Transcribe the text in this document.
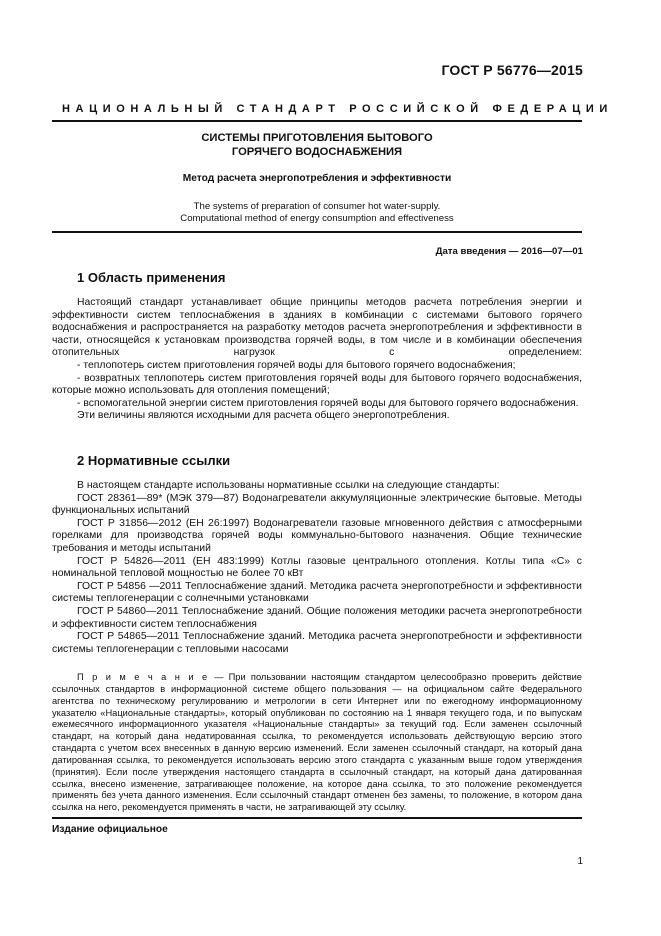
ГОСТ Р 56776—2015
НАЦИОНАЛЬНЫЙ СТАНДАРТ РОССИЙСКОЙ ФЕДЕРАЦИИ
СИСТЕМЫ ПРИГОТОВЛЕНИЯ БЫТОВОГО
ГОРЯЧЕГО ВОДОСНАБЖЕНИЯ
Метод расчета энергопотребления и эффективности
The systems of preparation of consumer hot water-supply.
Computational method of energy consumption and effectiveness
Дата введения — 2016—07—01
1 Область применения

Настоящий стандарт устанавливает общие принципы методов расчета потребления энергии и эффективности систем теплоснабжения в зданиях в комбинации с системами бытового горячего водоснабжения и распространяется на разработку методов расчета энергопотребления и эффективности в части, относящейся к установкам производства горячей воды, в том числе и в комбинации обеспечения отопительных нагрузок с определением:

- теплопотерь систем приготовления горячей воды для бытового горячего водоснабжения;

- возвратных теплопотерь систем приготовления горячей воды для бытового горячего водоснабжения, которые можно использовать для отопления помещений;

- вспомогательной энергии систем приготовления горячей воды для бытового горячего водоснабжения.

Эти величины являются исходными для расчета общего энергопотребления.

2 Нормативные ссылки

В настоящем стандарте использованы нормативные ссылки на следующие стандарты:

ГОСТ 28361—89* (МЭК 379—87) Водонагреватели аккумуляционные электрические бытовые. Методы функциональных испытаний

ГОСТ Р 31856—2012 (ЕН 26:1997) Водонагреватели газовые мгновенного действия с атмосферными горелками для производства горячей воды коммунально-бытового назначения. Общие технические требования и методы испытаний

ГОСТ Р 54826—2011 (ЕН 483:1999) Котлы газовые центрального отопления. Котлы типа «С» с номинальной тепловой мощностью не более 70 кВт

ГОСТ Р 54856 —2011 Теплоснабжение зданий. Методика расчета энергопотребности и эффективности системы теплогенерации с солнечными установками

ГОСТ Р 54860—2011 Теплоснабжение зданий. Общие положения методики расчета энергопотребности и эффективности систем теплоснабжения

ГОСТ Р 54865—2011 Теплоснабжение зданий. Методика расчета энергопотребности и эффективности системы теплогенерации с тепловыми насосами

П р и м е ч а н и е — При пользовании настоящим стандартом целесообразно проверить действие ссылочных стандартов в информационной системе общего пользования — на официальном сайте Федерального агентства по техническому регулированию и метрологии в сети Интернет или по ежегодному информационному указателю «Национальные стандарты», который опубликован по состоянию на 1 января текущего года, и по выпускам ежемесячного информационного указателя «Национальные стандарты» за текущий год. Если заменен ссылочный стандарт, на который дана недатированная ссылка, то рекомендуется использовать действующую версию этого стандарта с учетом всех внесенных в данную версию изменений. Если заменен ссылочный стандарт, на который дана датированная ссылка, то рекомендуется использовать версию этого стандарта с указанным выше годом утверждения (принятия). Если после утверждения настоящего стандарта в ссылочный стандарт, на который дана датированная ссылка, внесено изменение, затрагивающее положение, на которое дана ссылка, то это положение рекомендуется применять без учета данного изменения. Если ссылочный стандарт отменен без замены, то положение, в котором дана ссылка на него, рекомендуется применять в части, не затрагивающей эту ссылку.

Издание официальное
1
